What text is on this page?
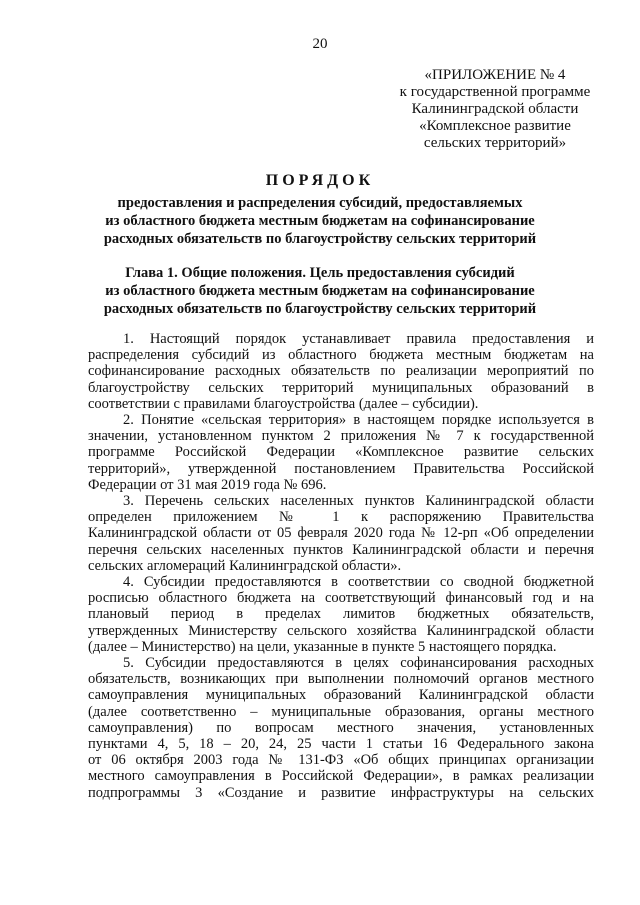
20
«ПРИЛОЖЕНИЕ № 4
к государственной программе
Калининградской области
«Комплексное развитие
сельских территорий»
ПОРЯДОК
предоставления и распределения субсидий, предоставляемых
из областного бюджета местным бюджетам на софинансирование
расходных обязательств по благоустройству сельских территорий
Глава 1. Общие положения. Цель предоставления субсидий
из областного бюджета местным бюджетам на софинансирование
расходных обязательств по благоустройству сельских территорий

1. Настоящий порядок устанавливает правила предоставления и
распределения субсидий из областного бюджета местным бюджетам на
софинансирование расходных обязательств по реализации мероприятий по
благоустройству сельских территорий муниципальных образований в
соответствии с правилами благоустройства (далее – субсидии).

2. Понятие «сельская территория» в настоящем порядке используется в
значении, установленном пунктом 2 приложения № 7 к государственной
программе Российской Федерации «Комплексное развитие сельских
территорий», утвержденной постановлением Правительства Российской
Федерации от 31 мая 2019 года № 696.

3. Перечень сельских населенных пунктов Калининградской области
определен приложением № 1 к распоряжению Правительства
Калининградской области от 05 февраля 2020 года № 12-рп «Об определении
перечня сельских населенных пунктов Калининградской области и перечня
сельских агломераций Калининградской области».

4. Субсидии предоставляются в соответствии со сводной бюджетной
росписью областного бюджета на соответствующий финансовый год и на
плановый период в пределах лимитов бюджетных обязательств,
утвержденных Министерству сельского хозяйства Калининградской области
(далее – Министерство) на цели, указанные в пункте 5 настоящего порядка.

5. Субсидии предоставляются в целях софинансирования расходных
обязательств, возникающих при выполнении полномочий органов местного
самоуправления муниципальных образований Калининградской области
(далее соответственно – муниципальные образования, органы местного
самоуправления) по вопросам местного значения, установленных
пунктами 4, 5, 18 – 20, 24, 25 части 1 статьи 16 Федерального закона
от 06 октября 2003 года № 131-ФЗ «Об общих принципах организации
местного самоуправления в Российской Федерации», в рамках реализации
подпрограммы 3 «Создание и развитие инфраструктуры на сельских
